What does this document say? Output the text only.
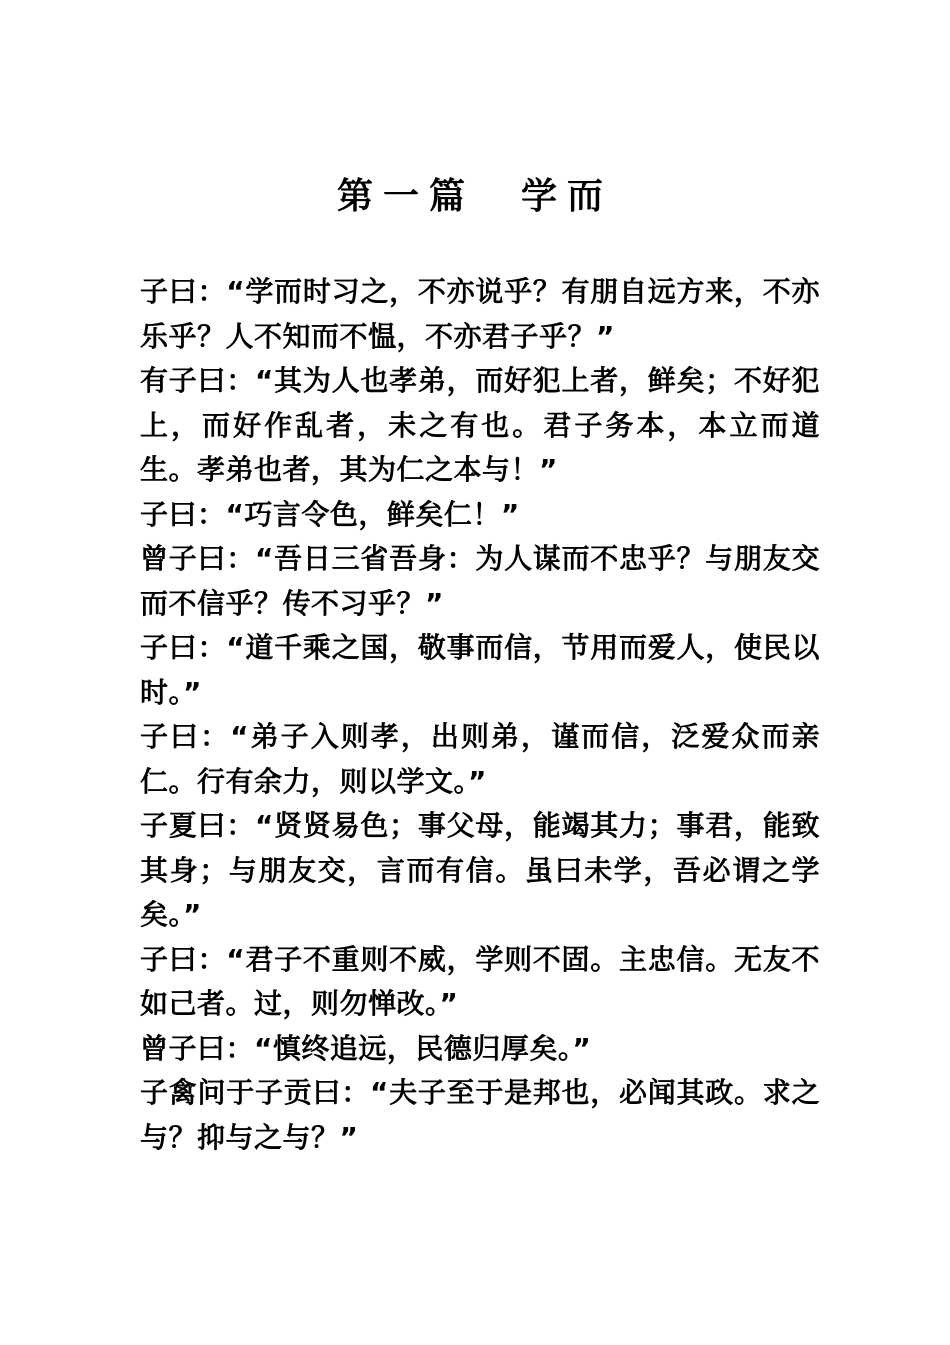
第一篇　学而

子曰：“学而时习之，不亦说乎？有朋自远方来，不亦乐乎？人不知而不愠，不亦君子乎？”

有子曰：“其为人也孝弟，而好犯上者，鲜矣；不好犯上，而好作乱者，未之有也。君子务本，本立而道生。孝弟也者，其为仁之本与！”

子曰：“巧言令色，鲜矣仁！”

曾子曰：“吾日三省吾身：为人谋而不忠乎？与朋友交而不信乎？传不习乎？”

子曰：“道千乘之国，敬事而信，节用而爱人，使民以时。”

子曰：“弟子入则孝，出则弟，谨而信，泛爱众而亲仁。行有余力，则以学文。”

子夏曰：“贤贤易色；事父母，能竭其力；事君，能致其身；与朋友交，言而有信。虽曰未学，吾必谓之学矣。”

子曰：“君子不重则不威，学则不固。主忠信。无友不如己者。过，则勿惮改。”

曾子曰：“慎终追远，民德归厚矣。”

子禽问于子贡曰：“夫子至于是邦也，必闻其政。求之与？抑与之与？”
